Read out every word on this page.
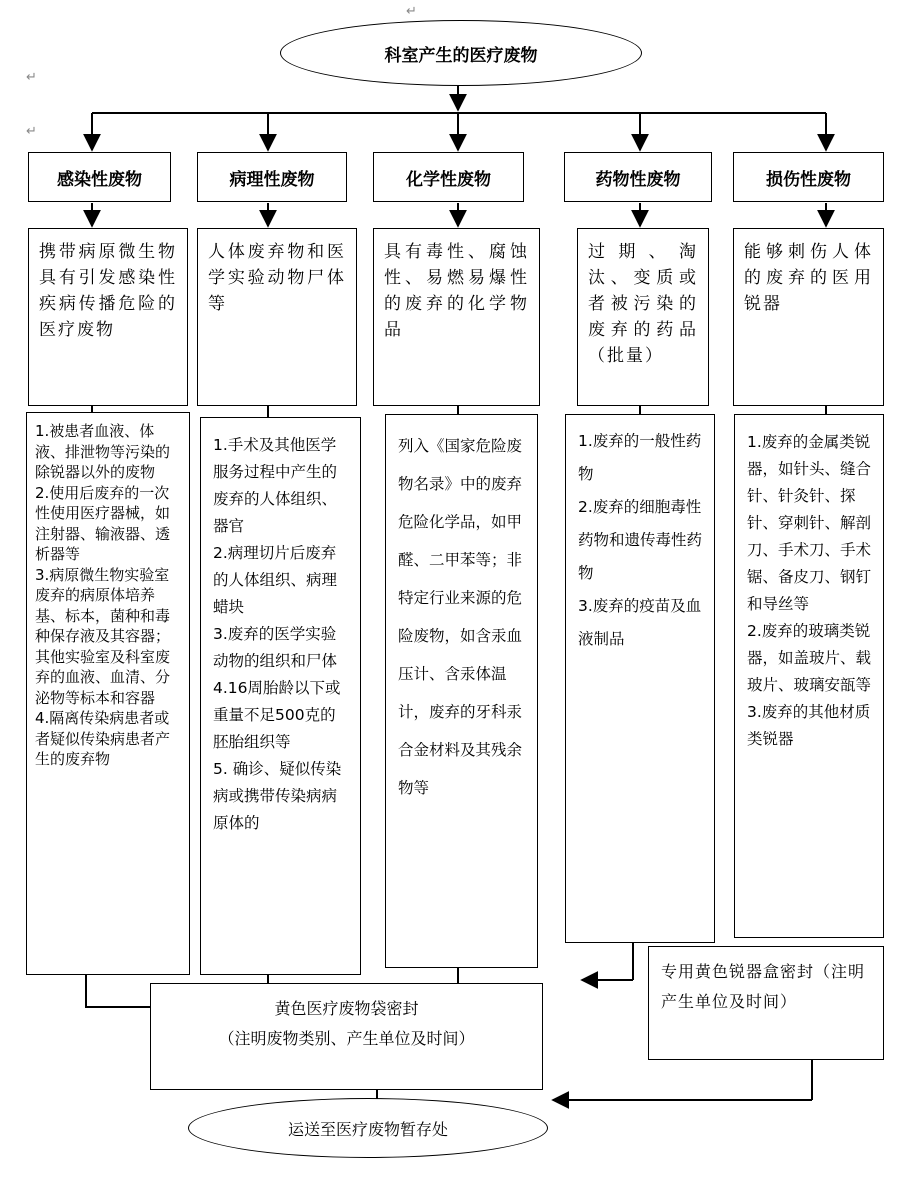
科室产生的医疗废物
感染性废物	病理性废物	化学性废物	药物性废物	损伤性废物
携带病原微生物具有引发感染性疾病传播危险的医疗废物
人体废弃物和医学实验动物尸体等
具有毒性、腐蚀性、易燃易爆性的废弃的化学物品
过期、淘汰、变质或者被污染的废弃的药品（批量）
能够刺伤人体的废弃的医用锐器

1.被患者血液、体液、排泄物等污染的除锐器以外的废物

2.使用后废弃的一次性使用医疗器械，如注射器、输液器、透析器等

3.病原微生物实验室废弃的病原体培养基、标本，菌种和毒种保存液及其容器；其他实验室及科室废弃的血液、血清、分泌物等标本和容器

4.隔离传染病患者或者疑似传染病患者产生的废弃物

1.手术及其他医学服务过程中产生的废弃的人体组织、器官

2.病理切片后废弃的人体组织、病理蜡块

3.废弃的医学实验动物的组织和尸体

4.16周胎龄以下或重量不足500克的胚胎组织等

5. 确诊、疑似传染病或携带传染病病原体的

列入《国家危险废物名录》中的废弃危险化学品，如甲醛、二甲苯等；非特定行业来源的危险废物，如含汞血压计、含汞体温计，废弃的牙科汞合金材料及其残余物等

1.废弃的一般性药物

2.废弃的细胞毒性药物和遗传毒性药物

3.废弃的疫苗及血液制品

1.废弃的金属类锐器，如针头、缝合针、针灸针、探针、穿刺针、解剖刀、手术刀、手术锯、备皮刀、钢钉和导丝等

2.废弃的玻璃类锐器，如盖玻片、载玻片、玻璃安瓿等

3.废弃的其他材质类锐器

黄色医疗废物袋密封
（注明废物类别、产生单位及时间）
专用黄色锐器盒密封（注明产生单位及时间）
运送至医疗废物暂存处
↵
↵
↵
